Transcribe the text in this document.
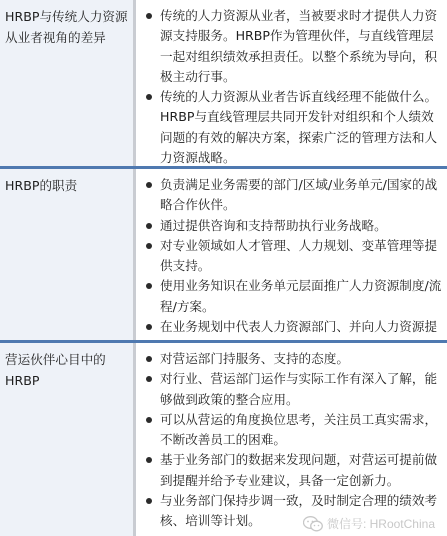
HRBP与传统人力资源从业者视角的差异
传统的人力资源从业者，当被要求时才提供人力资源支持服务。HRBP作为管理伙伴，与直线管理层一起对组织绩效承担责任。以整个系统为导向，积极主动行事。
传统的人力资源从业者告诉直线经理不能做什么。HRBP与直线管理层共同开发针对组织和个人绩效问题的有效的解决方案，探索广泛的管理方法和人力资源战略。
HRBP的职责	负责满足业务需要的部门/区域/业务单元/国家的战略合作伙伴。
通过提供咨询和支持帮助执行业务战略。
对专业领域如人才管理、人力规划、变革管理等提供支持。
使用业务知识在业务单元层面推广人力资源制度/流程/方案。
在业务规划中代表人力资源部门、并向人力资源提
营运伙伴心目中的HRBP
对营运部门持服务、支持的态度。
对行业、营运部门运作与实际工作有深入了解，能够做到政策的整合应用。
可以从营运的角度换位思考，关注员工真实需求，不断改善员工的困难。
基于业务部门的数据来发现问题，对营运可提前做到提醒并给予专业建议，具备一定创新力。
与业务部门保持步调一致，及时制定合理的绩效考核、培训等计划。	微信号: HRootChina
